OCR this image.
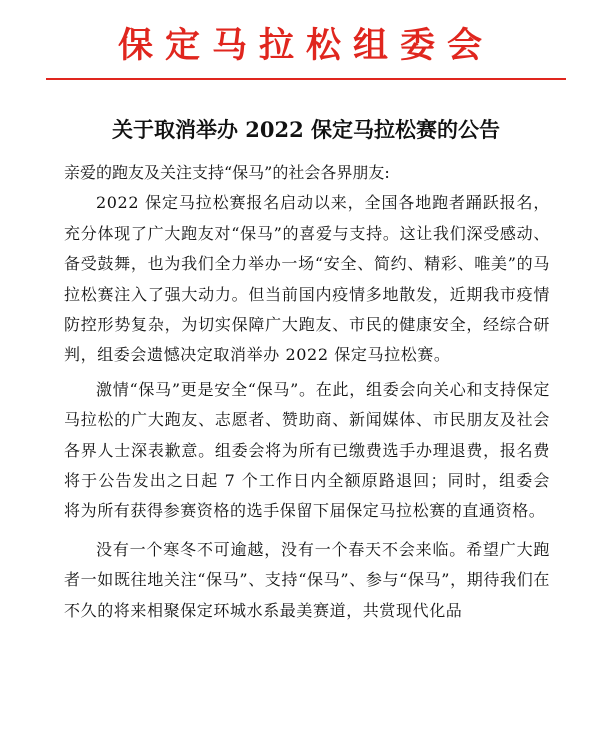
保定马拉松组委会
关于取消举办 2022 保定马拉松赛的公告

亲爱的跑友及关注支持“保马”的社会各界朋友:

2022 保定马拉松赛报名启动以来，全国各地跑者踊跃报名，充分体现了广大跑友对“保马”的喜爱与支持。这让我们深受感动、备受鼓舞，也为我们全力举办一场“安全、简约、精彩、唯美”的马拉松赛注入了强大动力。但当前国内疫情多地散发，近期我市疫情防控形势复杂，为切实保障广大跑友、市民的健康安全，经综合研判，组委会遗憾决定取消举办 2022 保定马拉松赛。

激情“保马”更是安全“保马”。在此，组委会向关心和支持保定马拉松的广大跑友、志愿者、赞助商、新闻媒体、市民朋友及社会各界人士深表歉意。组委会将为所有已缴费选手办理退费，报名费将于公告发出之日起 7 个工作日内全额原路退回；同时，组委会将为所有获得参赛资格的选手保留下届保定马拉松赛的直通资格。

没有一个寒冬不可逾越，没有一个春天不会来临。希望广大跑者一如既往地关注“保马”、支持“保马”、参与“保马”，期待我们在不久的将来相聚保定环城水系最美赛道，共赏现代化品
